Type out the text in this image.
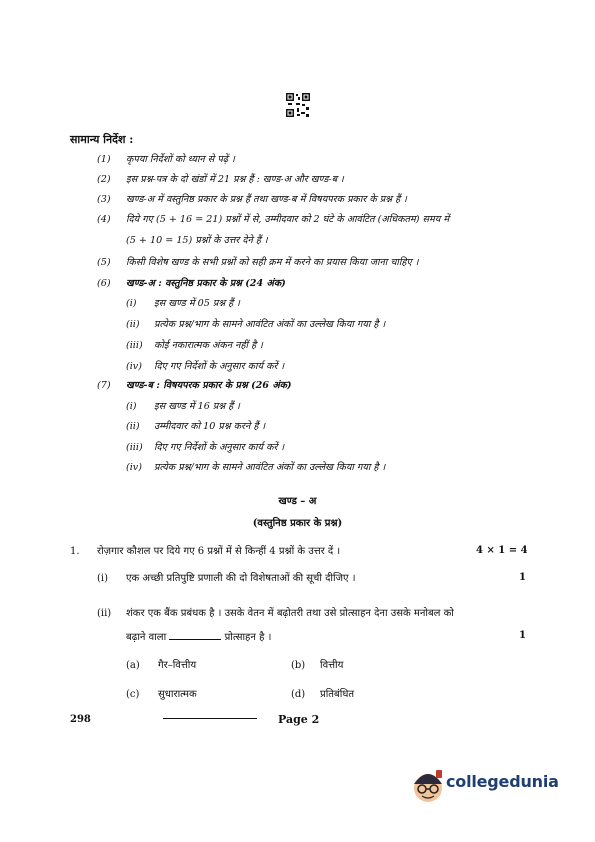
सामान्य निर्देश :
(1) कृपया निर्देशों को ध्यान से पढ़ें ।
(2) इस प्रश्न-पत्र के दो खंडों में 21 प्रश्न हैं : खण्ड-अ और खण्ड-ब ।
(3) खण्ड-अ में वस्तुनिष्ठ प्रकार के प्रश्न हैं तथा खण्ड-ब में विषयपरक प्रकार के प्रश्न हैं ।
(4) दिये गए (5 + 16 = 21) प्रश्नों में से, उम्मीदवार को 2 घंटे के आवंटित (अधिकतम) समय में
(5 + 10 = 15) प्रश्नों के उत्तर देने हैं ।
(5) किसी विशेष खण्ड के सभी प्रश्नों को सही क्रम में करने का प्रयास किया जाना चाहिए ।
(6) खण्ड-अ : वस्तुनिष्ठ प्रकार के प्रश्न (24 अंक)
(i) इस खण्ड में 05 प्रश्न हैं ।
(ii) प्रत्येक प्रश्न/भाग के सामने आवंटित अंकों का उल्लेख किया गया है ।
(iii) कोई नकारात्मक अंकन नहीं है ।
(iv) दिए गए निर्देशों के अनुसार कार्य करें ।
(7) खण्ड-ब : विषयपरक प्रकार के प्रश्न (26 अंक)
(i) इस खण्ड में 16 प्रश्न हैं ।
(ii) उम्मीदवार को 10 प्रश्न करने हैं ।
(iii) दिए गए निर्देशों के अनुसार कार्य करें ।
(iv) प्रत्येक प्रश्न/भाग के सामने आवंटित अंकों का उल्लेख किया गया है ।
खण्ड – अ
(वस्तुनिष्ठ प्रकार के प्रश्न)
1. रोज़गार कौशल पर दिये गए 6 प्रश्नों में से किन्हीं 4 प्रश्नों के उत्तर दें ।	4 × 1 = 4
(i) एक अच्छी प्रतिपुष्टि प्रणाली की दो विशेषताओं की सूची दीजिए ।	1
(ii) शंकर एक बैंक प्रबंधक है । उसके वेतन में बढ़ोतरी तथा उसे प्रोत्साहन देना उसके मनोबल को
बढ़ाने वाला	प्रोत्साहन है ।	1
(a) गैर–वित्तीय	(b) वित्तीय
(c) सुधारात्मक	(d) प्रतिबंधित
298	Page 2
collegedunia
